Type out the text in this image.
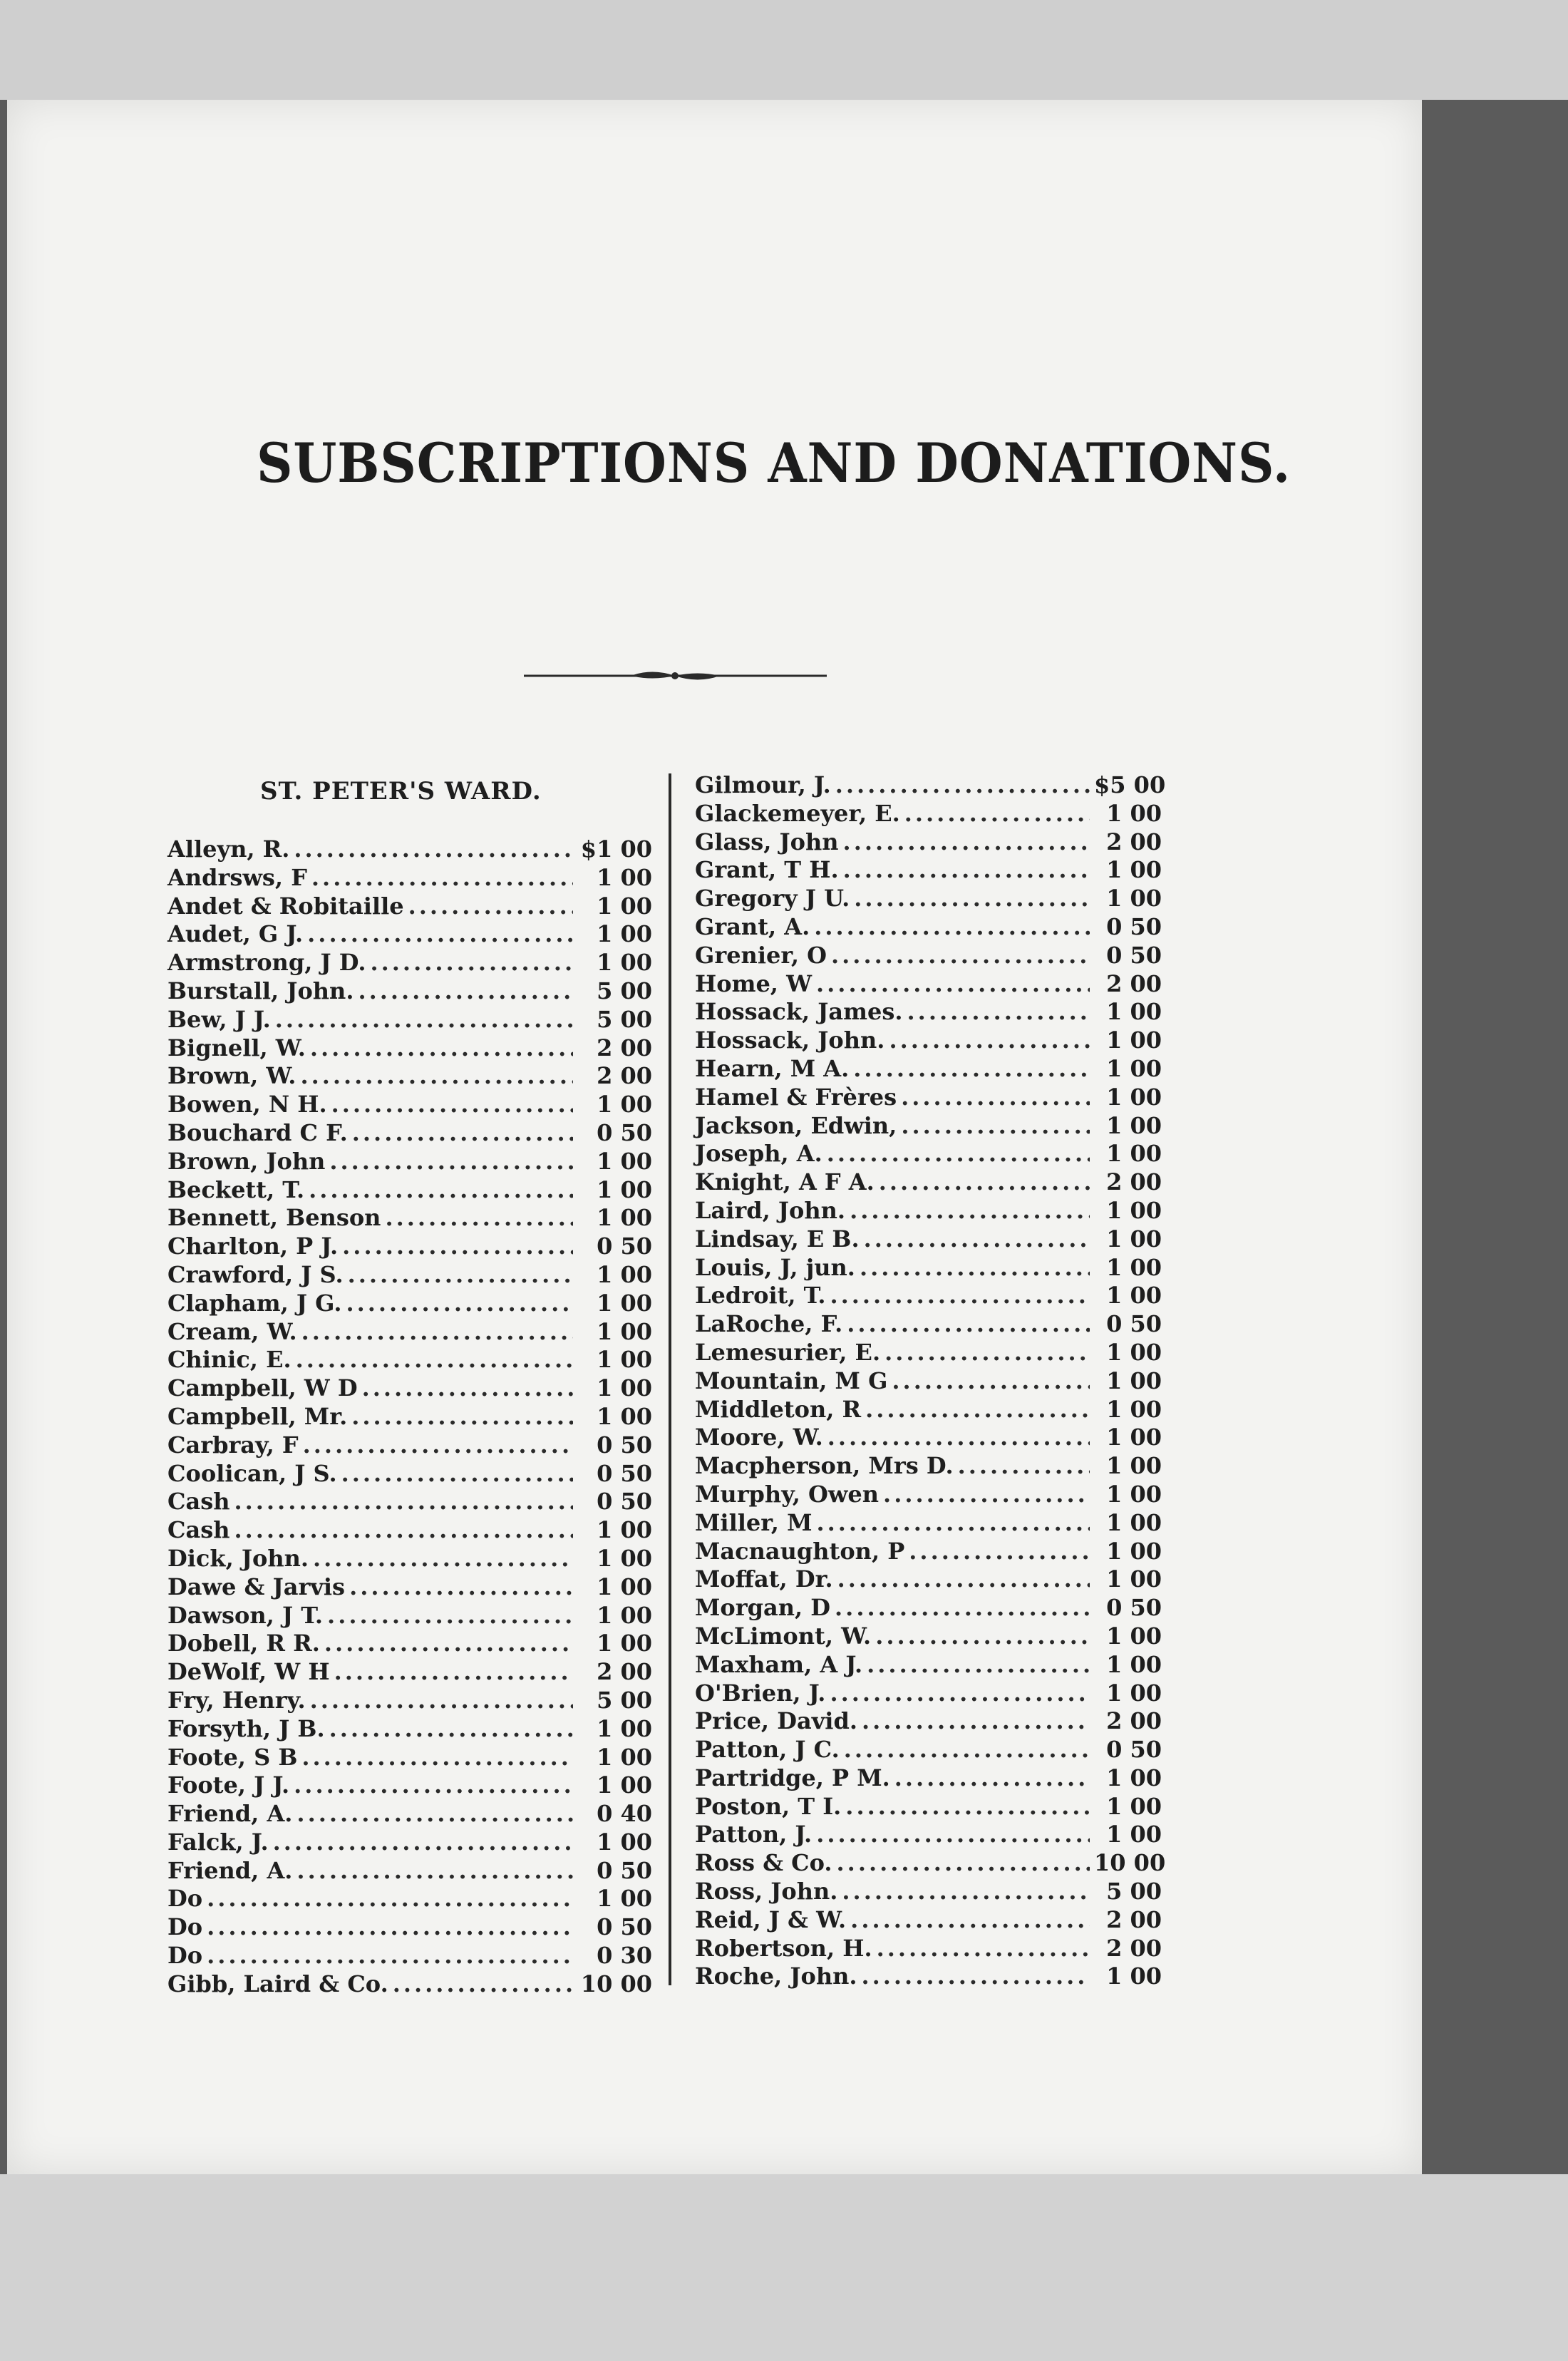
SUBSCRIPTIONS AND DONATIONS.
ST. PETER'S WARD.
Alleyn, R. .....	$1 00
Andrsws, F .....	1 00
Andet & Robitaille .....	1 00
Audet, G J. .....	1 00
Armstrong, J D. .....	1 00
Burstall, John. .....	5 00
Bew, J J. .....	5 00
Bignell, W. .....	2 00
Brown, W. .....	2 00
Bowen, N H. .....	1 00
Bouchard C F. .....	0 50
Brown, John .....	1 00
Beckett, T. .....	1 00
Bennett, Benson .....	1 00
Charlton, P J. .....	0 50
Crawford, J S. .....	1 00
Clapham, J G. .....	1 00
Cream, W. .....	1 00
Chinic, E. .....	1 00
Campbell, W D .....	1 00
Campbell, Mr. .....	1 00
Carbray, F .....	0 50
Coolican, J S. .....	0 50
Cash .....	0 50
Cash .....	1 00
Dick, John. .....	1 00
Dawe & Jarvis .....	1 00
Dawson, J T. .....	1 00
Dobell, R R. .....	1 00
DeWolf, W H .....	2 00
Fry, Henry. .....	5 00
Forsyth, J B. .....	1 00
Foote, S B .....	1 00
Foote, J J. .....	1 00
Friend, A. .....	0 40
Falck, J. .....	1 00
Friend, A. .....	0 50
Do .....	1 00
Do .....	0 50
Do .....	0 30
Gibb, Laird & Co. .....	10 00
Gilmour, J. .....	$5 00
Glackemeyer, E. .....	1 00
Glass, John .....	2 00
Grant, T H. .....	1 00
Gregory J U. .....	1 00
Grant, A. .....	0 50
Grenier, O .....	0 50
Home, W .....	2 00
Hossack, James. .....	1 00
Hossack, John. .....	1 00
Hearn, M A. .....	1 00
Hamel & Frères .....	1 00
Jackson, Edwin, .....	1 00
Joseph, A. .....	1 00
Knight, A F A. .....	2 00
Laird, John. .....	1 00
Lindsay, E B. .....	1 00
Louis, J, jun. .....	1 00
Ledroit, T. .....	1 00
LaRoche, F. .....	0 50
Lemesurier, E. .....	1 00
Mountain, M G .....	1 00
Middleton, R .....	1 00
Moore, W. .....	1 00
Macpherson, Mrs D. .....	1 00
Murphy, Owen .....	1 00
Miller, M .....	1 00
Macnaughton, P .....	1 00
Moffat, Dr. .....	1 00
Morgan, D .....	0 50
McLimont, W. .....	1 00
Maxham, A J. .....	1 00
O'Brien, J. .....	1 00
Price, David. .....	2 00
Patton, J C. .....	0 50
Partridge, P M. .....	1 00
Poston, T I. .....	1 00
Patton, J. .....	1 00
Ross & Co. .....	10 00
Ross, John. .....	5 00
Reid, J & W. .....	2 00
Robertson, H. .....	2 00
Roche, John. .....	1 00
